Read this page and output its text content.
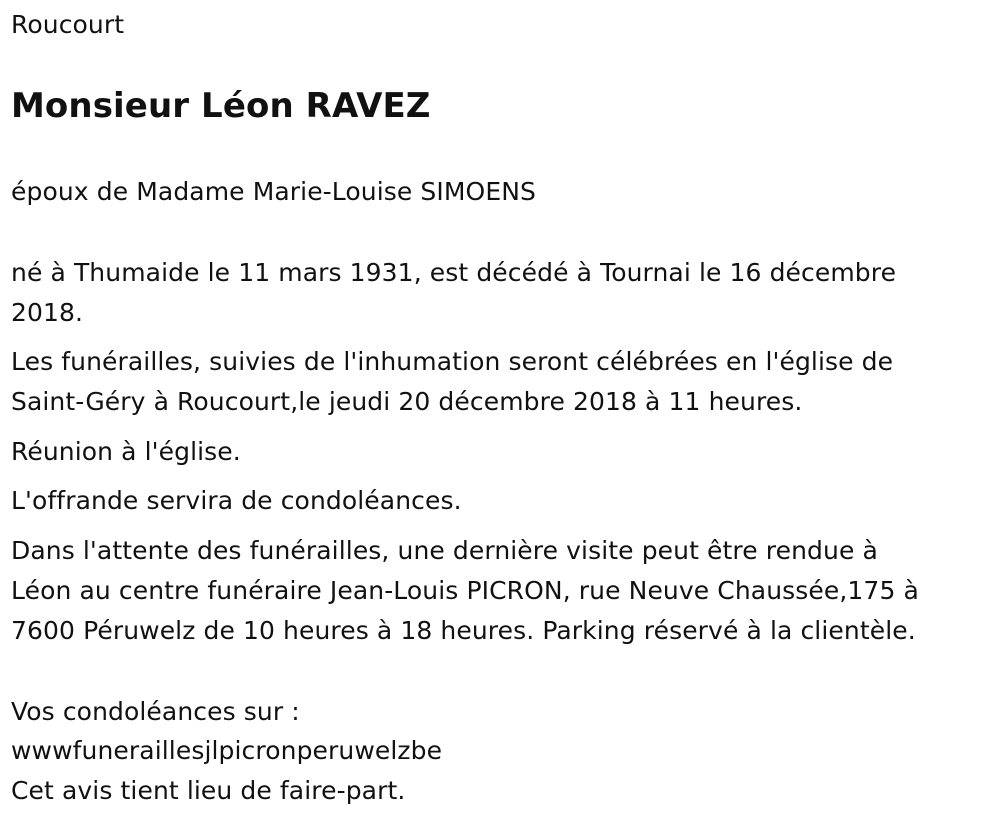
Roucourt
Monsieur Léon RAVEZ
époux de Madame Marie-Louise SIMOENS
né à Thumaide le 11 mars 1931, est décédé à Tournai le 16 décembre
2018.
Les funérailles, suivies de l'inhumation seront célébrées en l'église de
Saint-Géry à Roucourt,le jeudi 20 décembre 2018 à 11 heures.
Réunion à l'église.
L'offrande servira de condoléances.
Dans l'attente des funérailles, une dernière visite peut être rendue à
Léon au centre funéraire Jean-Louis PICRON, rue Neuve Chaussée,175 à
7600 Péruwelz de 10 heures à 18 heures. Parking réservé à la clientèle.
Vos condoléances sur :
wwwfuneraillesjlpicronperuwelzbe
Cet avis tient lieu de faire-part.
